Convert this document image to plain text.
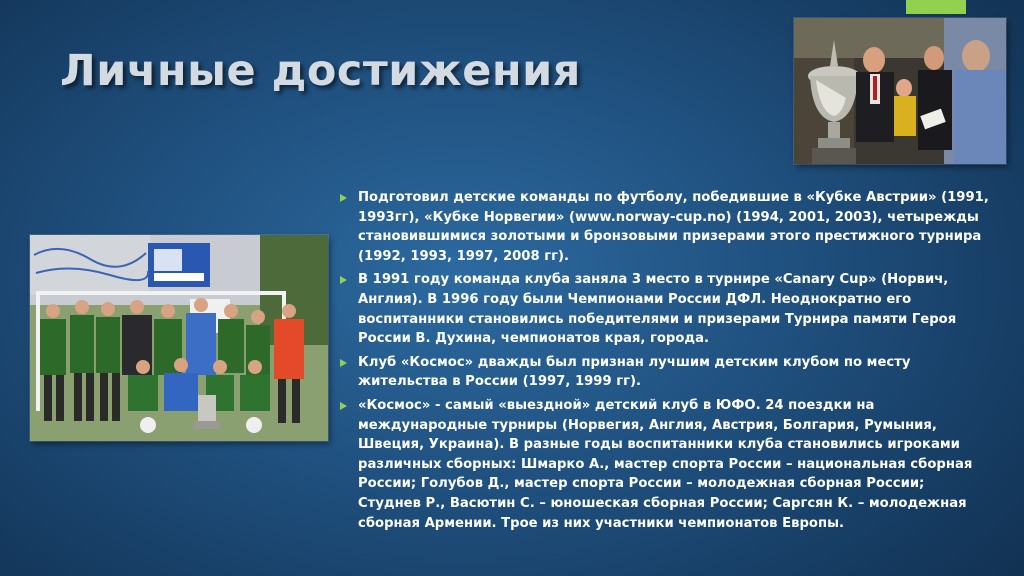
Личные достижения
Подготовил детские команды по футболу, победившие в «Кубке Австрии» (1991, 1993гг), «Кубке Норвегии» (www.norway-cup.no) (1994, 2001, 2003), четырежды становившимися золотыми и бронзовыми призерами этого престижного турнира (1992, 1993, 1997, 2008 гг).
В 1991 году команда клуба заняла 3 место в турнире «Canary Cup» (Норвич, Англия). В 1996 году были Чемпионами России ДФЛ. Неоднократно его воспитанники становились победителями и призерами Турнира памяти Героя России В. Духина, чемпионатов края, города.
Клуб «Космос» дважды был признан лучшим детским клубом по месту жительства в России (1997, 1999 гг).
«Космос» - самый «выездной» детский клуб в ЮФО. 24 поездки на международные турниры (Норвегия, Англия, Австрия, Болгария, Румыния, Швеция, Украина). В разные годы воспитанники клуба становились игроками различных сборных: Шмарко А., мастер спорта России – национальная сборная России; Голубов Д., мастер спорта России – молодежная сборная России; Студнев Р., Васютин С. – юношеская сборная России; Саргсян К. – молодежная сборная Армении. Трое из них участники чемпионатов Европы.
